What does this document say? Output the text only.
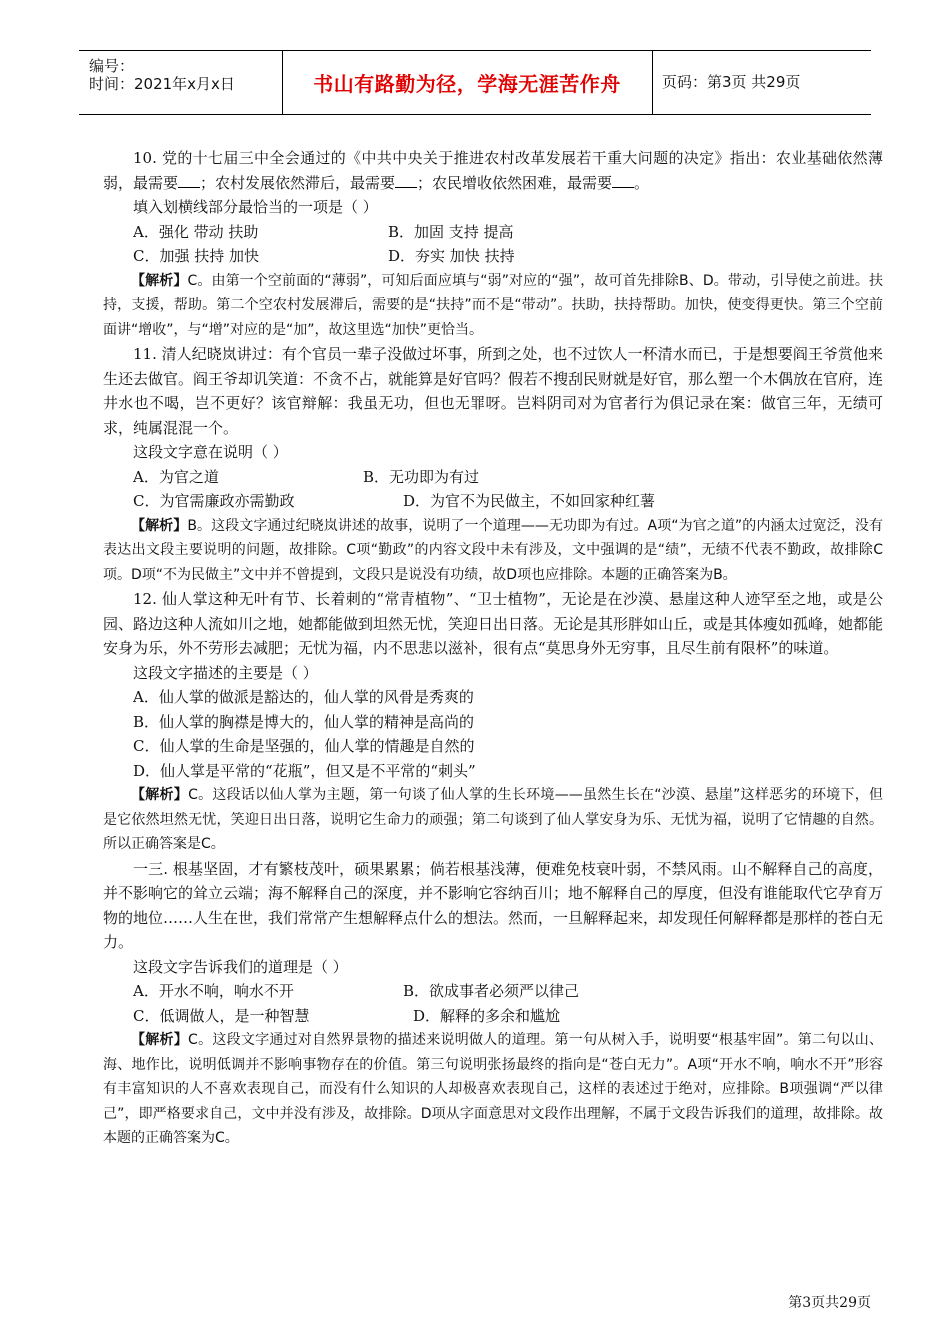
编号：
时间：2021年x月x日	书山有路勤为径，学海无涯苦作舟	页码：第3页 共29页

10. 党的十七届三中全会通过的《中共中央关于推进农村改革发展若干重大问题的决定》指出：农业基础依然薄弱，最需要 ；农村发展依然滞后，最需要 ；农民增收依然困难，最需要 。

填入划横线部分最恰当的一项是（ ）

A．强化 带动 扶助	B．加固 支持 提高

C．加强 扶持 加快	D．夯实 加快 扶持

【解析】C。由第一个空前面的“薄弱”，可知后面应填与“弱”对应的“强”，故可首先排除B、D。带动，引导使之前进。扶持，支援，帮助。第二个空农村发展滞后，需要的是“扶持”而不是“带动”。扶助，扶持帮助。加快，使变得更快。第三个空前面讲“增收”，与“增”对应的是“加”，故这里选“加快”更恰当。

11. 清人纪晓岚讲过：有个官员一辈子没做过坏事，所到之处，也不过饮人一杯清水而已，于是想要阎王爷赏他来生还去做官。阎王爷却讥笑道：不贪不占，就能算是好官吗？假若不搜刮民财就是好官，那么塑一个木偶放在官府，连井水也不喝，岂不更好？该官辩解：我虽无功，但也无罪呀。岂料阴司对为官者行为俱记录在案：做官三年，无绩可求，纯属混混一个。

这段文字意在说明（ ）

A．为官之道	B．无功即为有过

C．为官需廉政亦需勤政	D．为官不为民做主，不如回家种红薯

【解析】B。这段文字通过纪晓岚讲述的故事，说明了一个道理——无功即为有过。A项“为官之道”的内涵太过宽泛，没有表达出文段主要说明的问题，故排除。C项“勤政”的内容文段中未有涉及，文中强调的是“绩”，无绩不代表不勤政，故排除C项。D项“不为民做主”文中并不曾提到，文段只是说没有功绩，故D项也应排除。本题的正确答案为B。

12. 仙人掌这种无叶有节、长着刺的“常青植物”、“卫士植物”，无论是在沙漠、悬崖这种人迹罕至之地，或是公园、路边这种人流如川之地，她都能做到坦然无忧，笑迎日出日落。无论是其形胖如山丘，或是其体瘦如孤峰，她都能安身为乐，外不劳形去减肥；无忧为福，内不思悲以滋补，很有点“莫思身外无穷事，且尽生前有限杯”的味道。

这段文字描述的主要是（ ）

A．仙人掌的做派是豁达的，仙人掌的风骨是秀爽的

B．仙人掌的胸襟是博大的，仙人掌的精神是高尚的

C．仙人掌的生命是坚强的，仙人掌的情趣是自然的

D．仙人掌是平常的“花瓶”，但又是不平常的“刺头”

【解析】C。这段话以仙人掌为主题，第一句谈了仙人掌的生长环境——虽然生长在“沙漠、悬崖”这样恶劣的环境下，但是它依然坦然无忧，笑迎日出日落，说明它生命力的顽强；第二句谈到了仙人掌安身为乐、无忧为福，说明了它情趣的自然。所以正确答案是C。

一三. 根基坚固，才有繁枝茂叶，硕果累累；倘若根基浅薄，便难免枝衰叶弱，不禁风雨。山不解释自己的高度，并不影响它的耸立云端；海不解释自己的深度，并不影响它容纳百川；地不解释自己的厚度，但没有谁能取代它孕育万物的地位……人生在世，我们常常产生想解释点什么的想法。然而，一旦解释起来，却发现任何解释都是那样的苍白无力。

这段文字告诉我们的道理是（ ）

A．开水不响，响水不开	B．欲成事者必须严以律己

C．低调做人，是一种智慧	D．解释的多余和尴尬

【解析】C。这段文字通过对自然界景物的描述来说明做人的道理。第一句从树入手，说明要“根基牢固”。第二句以山、海、地作比，说明低调并不影响事物存在的价值。第三句说明张扬最终的指向是“苍白无力”。A项“开水不响，响水不开”形容有丰富知识的人不喜欢表现自己，而没有什么知识的人却极喜欢表现自己，这样的表述过于绝对，应排除。B项强调“严以律己”，即严格要求自己，文中并没有涉及，故排除。D项从字面意思对文段作出理解，不属于文段告诉我们的道理，故排除。故本题的正确答案为C。

第3页共29页
